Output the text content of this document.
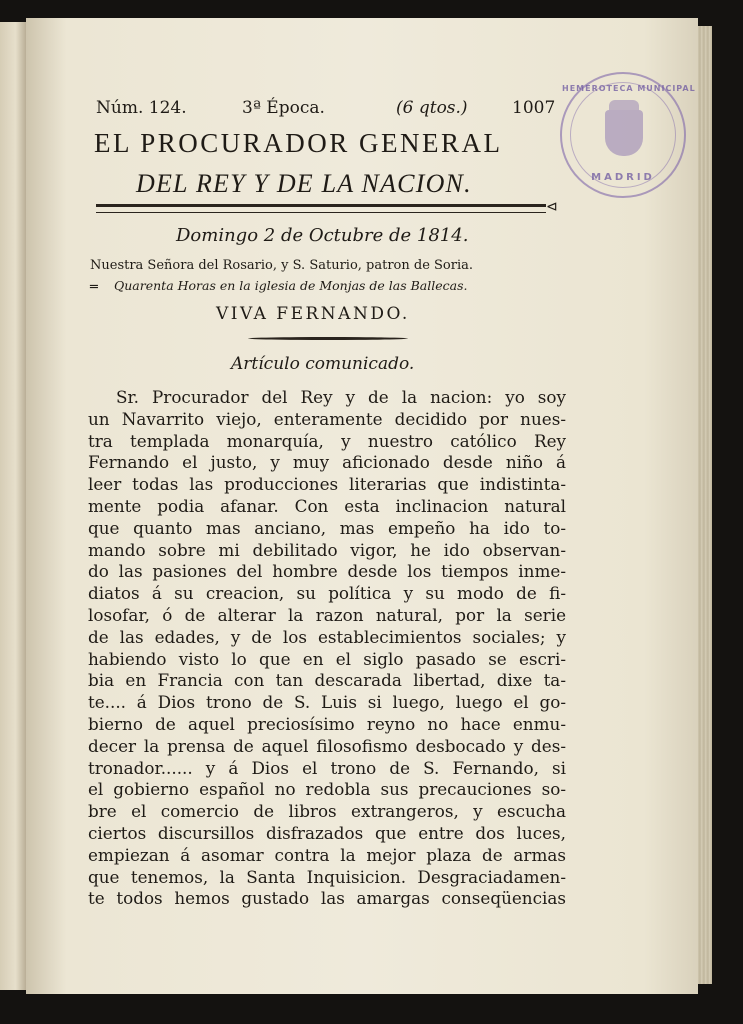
Núm. 124.	3ª Época.	(6 qtos.)	1007
EL PROCURADOR GENERAL
DEL REY Y DE LA NACION.
⊲
Domingo 2 de Octubre de 1814.
Nuestra Señora del Rosario, y S. Saturio, patron de Soria.
═ Quarenta Horas en la iglesia de Monjas de las Ballecas.
VIVA FERNANDO.
Artículo comunicado.
Sr. Procurador del Rey y de la nacion: yo soy
un Navarrito viejo, enteramente decidido por nues-
tra templada monarquía, y nuestro católico Rey
Fernando el justo, y muy aficionado desde niño á
leer todas las producciones literarias que indistinta-
mente podia afanar. Con esta inclinacion natural
que quanto mas anciano, mas empeño ha ido to-
mando sobre mi debilitado vigor, he ido observan-
do las pasiones del hombre desde los tiempos inme-
diatos á su creacion, su política y su modo de fi-
losofar, ó de alterar la razon natural, por la serie
de las edades, y de los establecimientos sociales; y
habiendo visto lo que en el siglo pasado se escri-
bia en Francia con tan descarada libertad, dixe ta-
te.... á Dios trono de S. Luis si luego, luego el go-
bierno de aquel preciosísimo reyno no hace enmu-
decer la prensa de aquel filosofismo desbocado y des-
tronador...... y á Dios el trono de S. Fernando, si
el gobierno español no redobla sus precauciones so-
bre el comercio de libros extrangeros, y escucha
ciertos discursillos disfrazados que entre dos luces,
empiezan á asomar contra la mejor plaza de armas
que tenemos, la Santa Inquisicion. Desgraciadamen-
te todos hemos gustado las amargas conseqüencias
HEMEROTECA MUNICIPAL
MADRID
